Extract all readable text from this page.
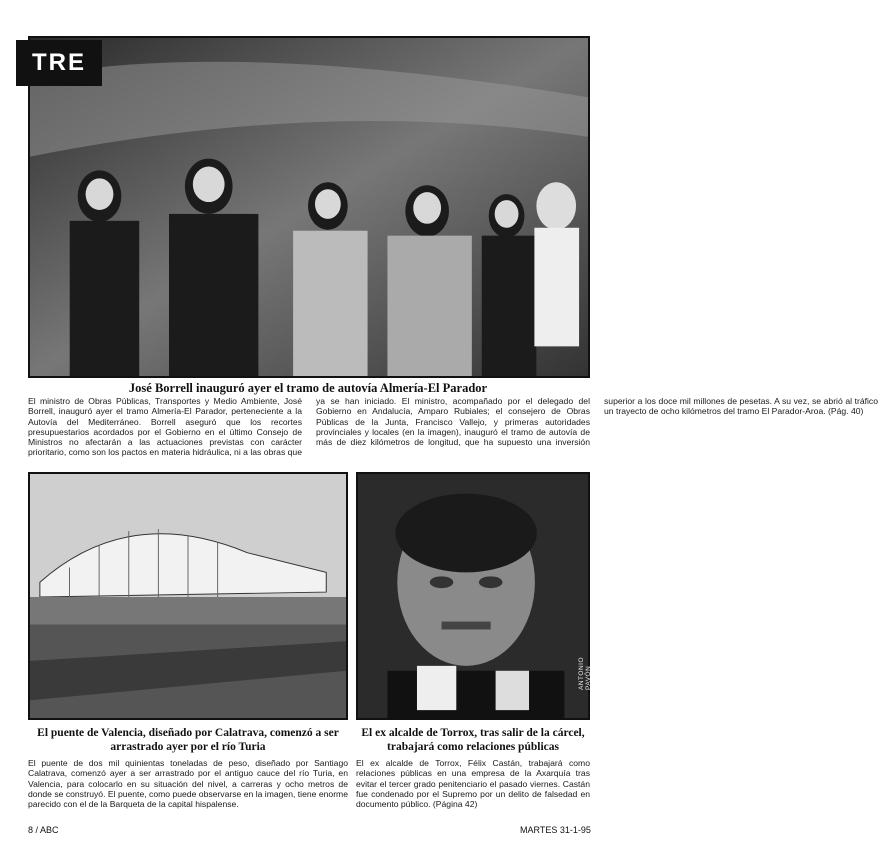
TRE
José Borrell inauguró ayer el tramo de autovía Almería-El Parador
El ministro de Obras Públicas, Transportes y Medio Ambiente, José Borrell, inauguró ayer el tramo Almería-El Parador, perteneciente a la Autovía del Mediterráneo. Borrell aseguró que los recortes presupuestarios acordados por el Gobierno en el último Consejo de Ministros no afectarán a las actuaciones previstas con carácter prioritario, como son los pactos en materia hidráulica, ni a las obras que ya se han iniciado. El ministro, acompañado por el delegado del Gobierno en Andalucía, Amparo Rubiales; el consejero de Obras Públicas de la Junta, Francisco Vallejo, y primeras autoridades provinciales y locales (en la imagen), inauguró el tramo de autovía de más de diez kilómetros de longitud, que ha supuesto una inversión superior a los doce mil millones de pesetas. A su vez, se abrió al tráfico un trayecto de ocho kilómetros del tramo El Parador-Aroa. (Pág. 40)
ANTONIO PAVÓN
El puente de Valencia, diseñado por Calatrava, comenzó a ser arrastrado ayer por el río Turia
El puente de dos mil quinientas toneladas de peso, diseñado por Santiago Calatrava, comenzó ayer a ser arrastrado por el antiguo cauce del río Turia, en Valencia, para colocarlo en su situación del nivel, a carreras y ocho metros de donde se construyó. El puente, como puede observarse en la imagen, tiene enorme parecido con el de la Barqueta de la capital hispalense.
El ex alcalde de Torrox, tras salir de la cárcel, trabajará como relaciones públicas
El ex alcalde de Torrox, Félix Castán, trabajará como relaciones públicas en una empresa de la Axarquía tras evitar el tercer grado penitenciario el pasado viernes. Castán fue condenado por el Supremo por un delito de falsedad en documento público. (Página 42)
8 / ABC	MARTES 31-1-95
